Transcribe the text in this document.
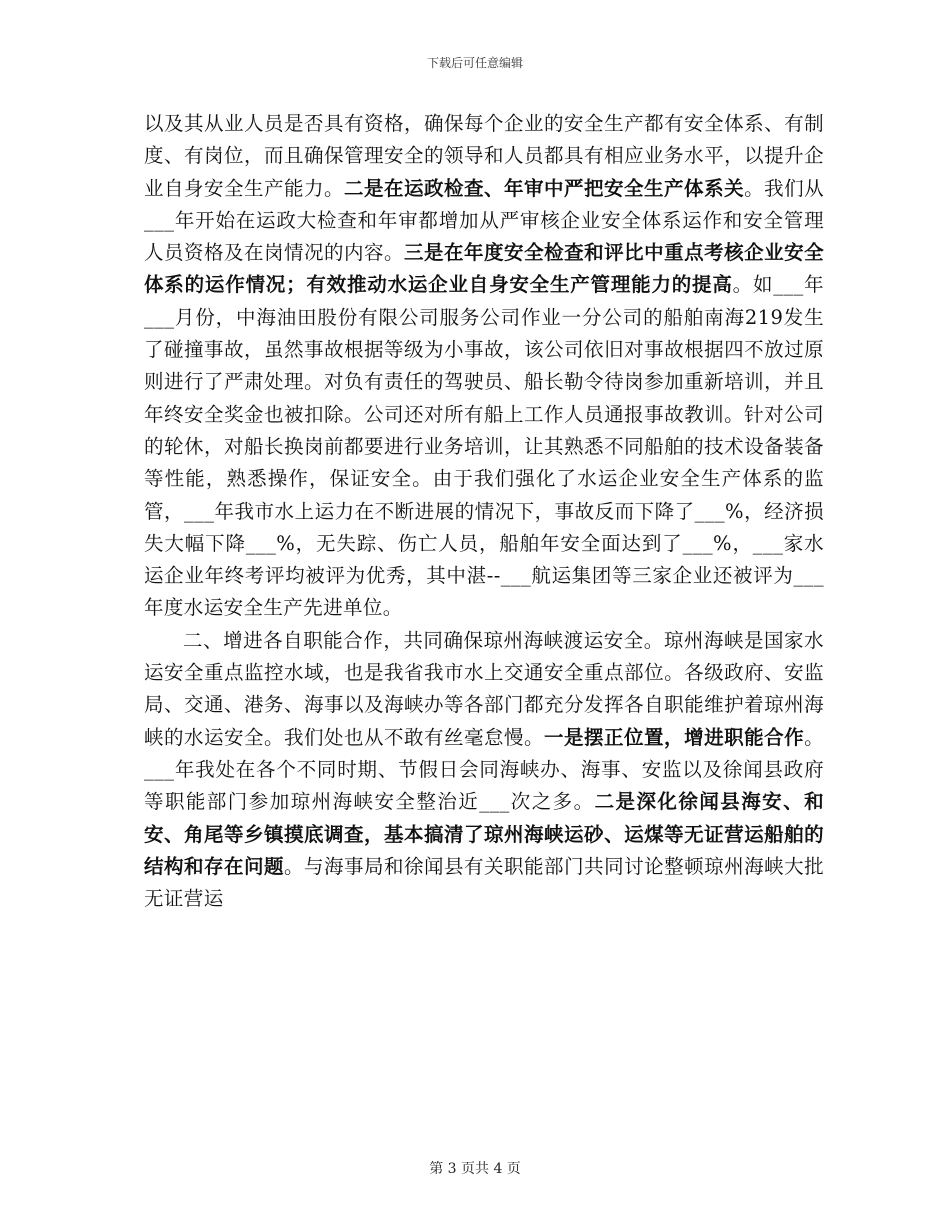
下载后可任意编辑

以及其从业人员是否具有资格，确保每个企业的安全生产都有安全体系、有制度、有岗位，而且确保管理安全的领导和人员都具有相应业务水平，以提升企业自身安全生产能力。二是在运政检查、年审中严把安全生产体系关。我们从___年开始在运政大检查和年审都增加从严审核企业安全体系运作和安全管理人员资格及在岗情况的内容。三是在年度安全检查和评比中重点考核企业安全体系的运作情况；有效推动水运企业自身安全生产管理能力的提高。如___年___月份，中海油田股份有限公司服务公司作业一分公司的船舶南海219发生了碰撞事故，虽然事故根据等级为小事故，该公司依旧对事故根据四不放过原则进行了严肃处理。对负有责任的驾驶员、船长勒令待岗参加重新培训，并且年终安全奖金也被扣除。公司还对所有船上工作人员通报事故教训。针对公司的轮休，对船长换岗前都要进行业务培训，让其熟悉不同船舶的技术设备装备等性能，熟悉操作，保证安全。由于我们强化了水运企业安全生产体系的监管，___年我市水上运力在不断进展的情况下，事故反而下降了___%，经济损失大幅下降___%，无失踪、伤亡人员，船舶年安全面达到了___%，___家水运企业年终考评均被评为优秀，其中湛--___航运集团等三家企业还被评为___年度水运安全生产先进单位。

二、增进各自职能合作，共同确保琼州海峡渡运安全。琼州海峡是国家水运安全重点监控水域，也是我省我市水上交通安全重点部位。各级政府、安监局、交通、港务、海事以及海峡办等各部门都充分发挥各自职能维护着琼州海峡的水运安全。我们处也从不敢有丝毫怠慢。一是摆正位置，增进职能合作。___年我处在各个不同时期、节假日会同海峡办、海事、安监以及徐闻县政府等职能部门参加琼州海峡安全整治近___次之多。二是深化徐闻县海安、和安、角尾等乡镇摸底调查，基本搞清了琼州海峡运砂、运煤等无证营运船舶的结构和存在问题。与海事局和徐闻县有关职能部门共同讨论整顿琼州海峡大批无证营运

第 3 页共 4 页
